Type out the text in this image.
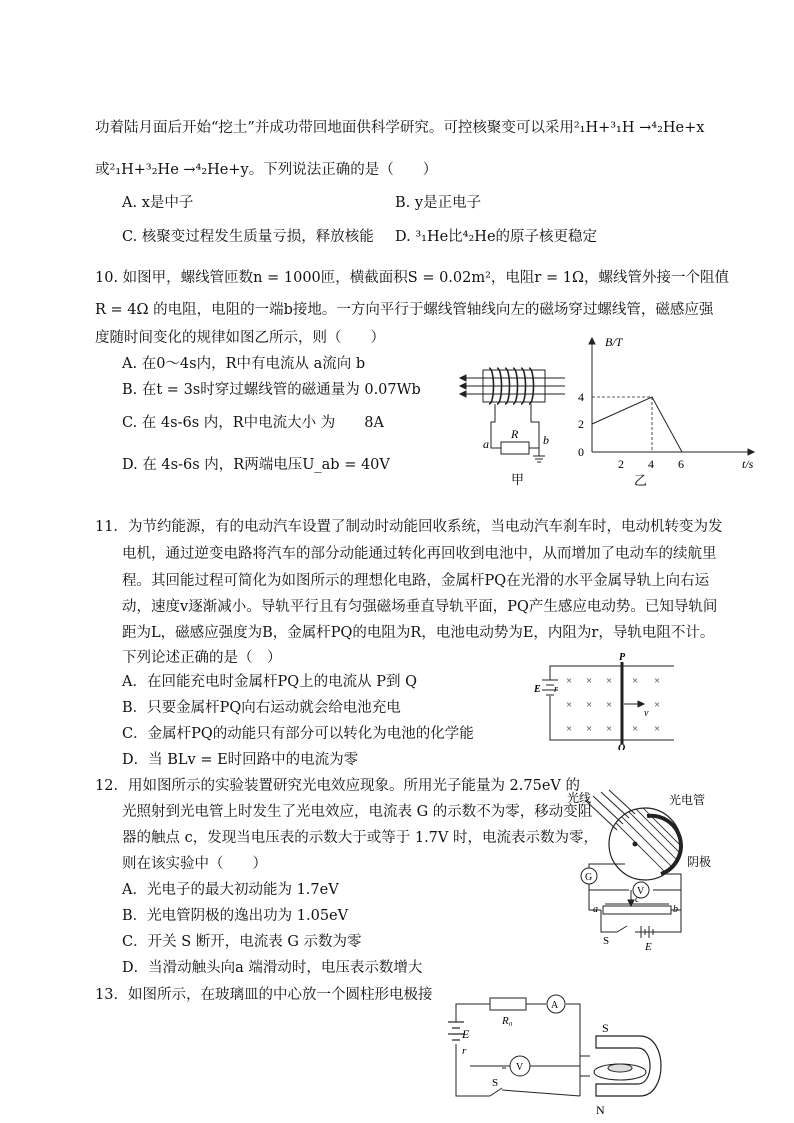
功着陆月面后开始“挖土”并成功带回地面供科学研究。可控核聚变可以采用²₁H+³₁H →⁴₂He+x
或²₁H+³₂He →⁴₂He+y。下列说法正确的是（　　）
A. x是中子	B. y是正电子
C. 核聚变过程发生质量亏损，释放核能 D. ³₁He比⁴₂He的原子核更稳定
10. 如图甲，螺线管匝数n = 1000匝，横截面积S = 0.02m²，电阻r = 1Ω，螺线管外接一个阻值
R = 4Ω 的电阻，电阻的一端b接地。一方向平行于螺线管轴线向左的磁场穿过螺线管，磁感应强
度随时间变化的规律如图乙所示，则（　　）
A. 在0～4s内，R中有电流从 a流向 b
B. 在t = 3s时穿过螺线管的磁通量为 0.07Wb
C. 在 4s-6s 内，R中电流大小 为　　8A
D. 在 4s-6s 内，R两端电压U_ab = 40V
a	b
R
甲
B/T
t/s
4
2
0
2 4 6
乙
11．为节约能源，有的电动汽车设置了制动时动能回收系统，当电动汽车刹车时，电动机转变为发
电机，通过逆变电路将汽车的部分动能通过转化再回收到电池中，从而增加了电动车的续航里
程。其回能过程可简化为如图所示的理想化电路，金属杆PQ在光滑的水平金属导轨上向右运
动，速度v逐渐减小。导轨平行且有匀强磁场垂直导轨平面，PQ产生感应电动势。已知导轨间
距为L，磁感应强度为B，金属杆PQ的电阻为R，电池电动势为E，内阻为r，导轨电阻不计。
下列论述正确的是（　）
A．在回能充电时金属杆PQ上的电流从 P到 Q
B．只要金属杆PQ向右运动就会给电池充电
C．金属杆PQ的动能只有部分可以转化为电池的化学能
D．当 BLv = E时回路中的电流为零
× × × × ×
× × ×	×
× × × × ×
P
Q
E r
v
12．用如图所示的实验装置研究光电效应现象。所用光子能量为 2.75eV 的
光照射到光电管上时发生了光电效应，电流表 G 的示数不为零，移动变阻
器的触点 c，发现当电压表的示数大于或等于 1.7V 时，电流表示数为零，
则在该实验中（　　）
A．光电子的最大初动能为 1.7eV
B．光电管阴极的逸出功为 1.05eV
C．开关 S 断开，电流表 G 示数为零
D．当滑动触头向a 端滑动时，电压表示数增大
G
V
光线	光电管
阴极
a	b
c
S	E
13．如图所示，在玻璃皿的中心放一个圆柱形电极接
A
R₀
E
r
V
S
S
N
